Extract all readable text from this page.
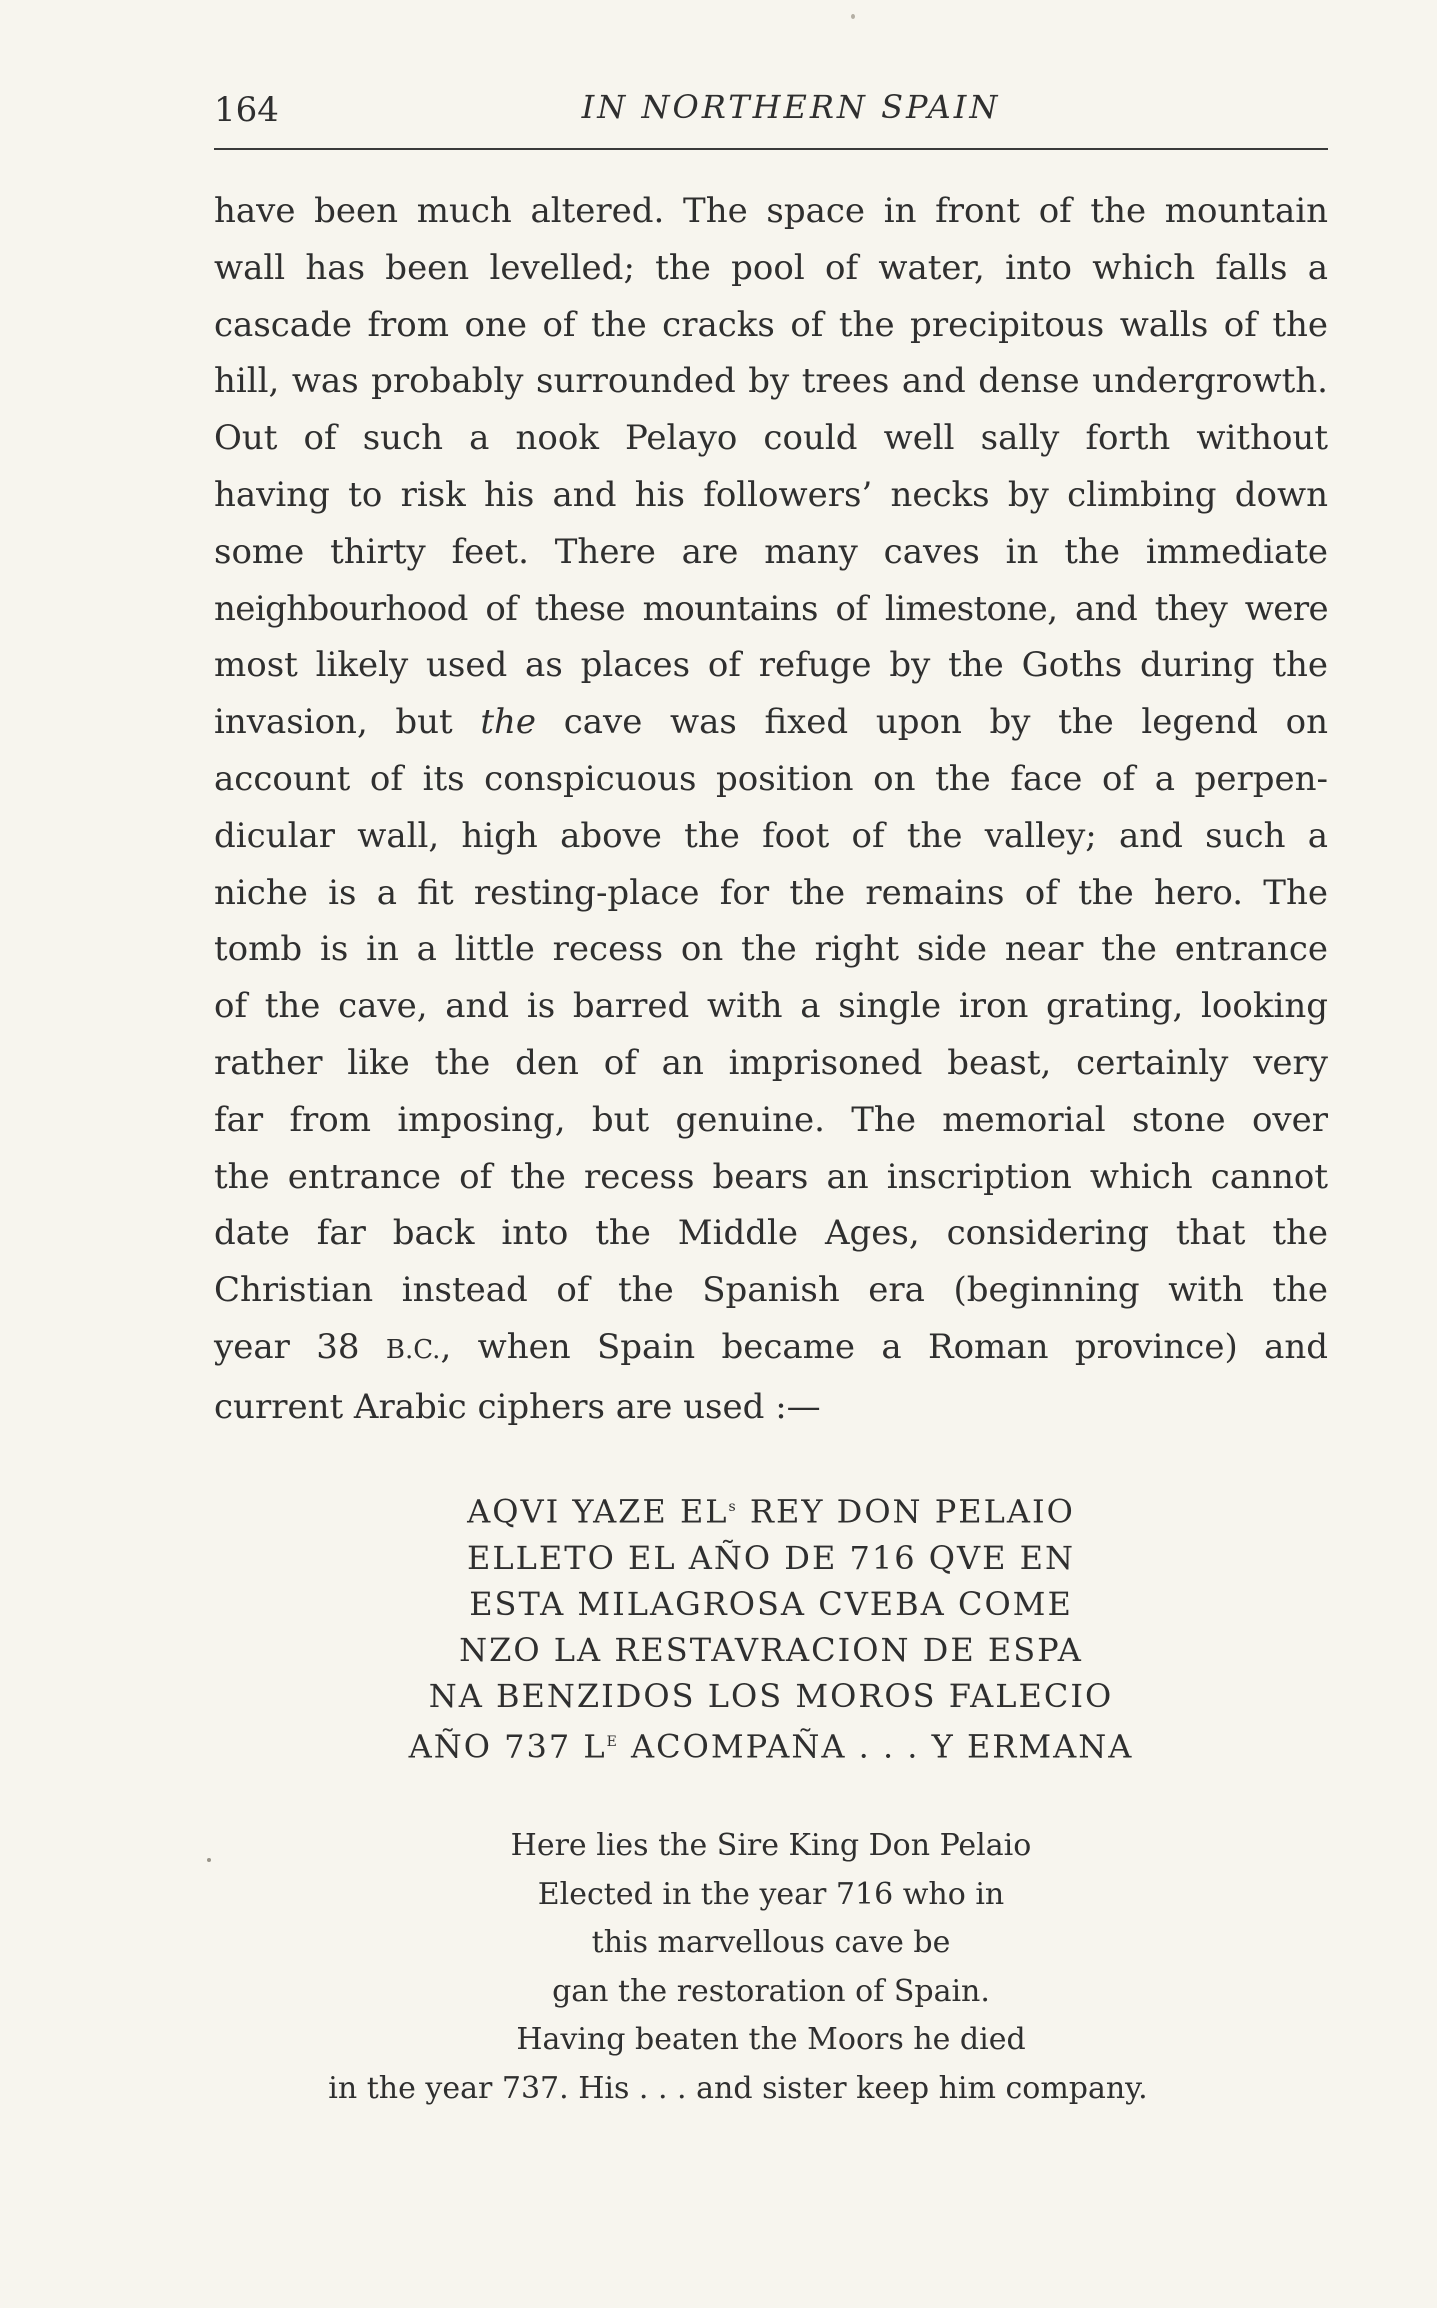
164	IN NORTHERN SPAIN
have been much altered. The space in front of the mountain
wall has been levelled; the pool of water, into which falls a
cascade from one of the cracks of the precipitous walls of the
hill, was probably surrounded by trees and dense undergrowth.
Out of such a nook Pelayo could well sally forth without
having to risk his and his followers’ necks by climbing down
some thirty feet. There are many caves in the immediate
neighbourhood of these mountains of limestone, and they were
most likely used as places of refuge by the Goths during the
invasion, but the cave was fixed upon by the legend on
account of its conspicuous position on the face of a perpen-
dicular wall, high above the foot of the valley; and such a
niche is a fit resting-place for the remains of the hero. The
tomb is in a little recess on the right side near the entrance
of the cave, and is barred with a single iron grating, looking
rather like the den of an imprisoned beast, certainly very
far from imposing, but genuine. The memorial stone over
the entrance of the recess bears an inscription which cannot
date far back into the Middle Ages, considering that the
Christian instead of the Spanish era (beginning with the
year 38 B.C., when Spain became a Roman province) and
current Arabic ciphers are used :—
AQVI YAZE $EL^s$ REY DON PELAIO
ELLETO EL AÑO DE 716 QVE EN
ESTA MILAGROSA CVEBA COME
NZO LA RESTAVRACION DE ESPA
NA BENZIDOS LOS MOROS FALECIO
AÑO 737 $L^E$ ACOMPAÑA . . . Y ERMANA
Here lies the Sire King Don Pelaio
Elected in the year 716 who in
this marvellous cave be
gan the restoration of Spain.
Having beaten the Moors he died
in the year 737. His . . . and sister keep him company.
